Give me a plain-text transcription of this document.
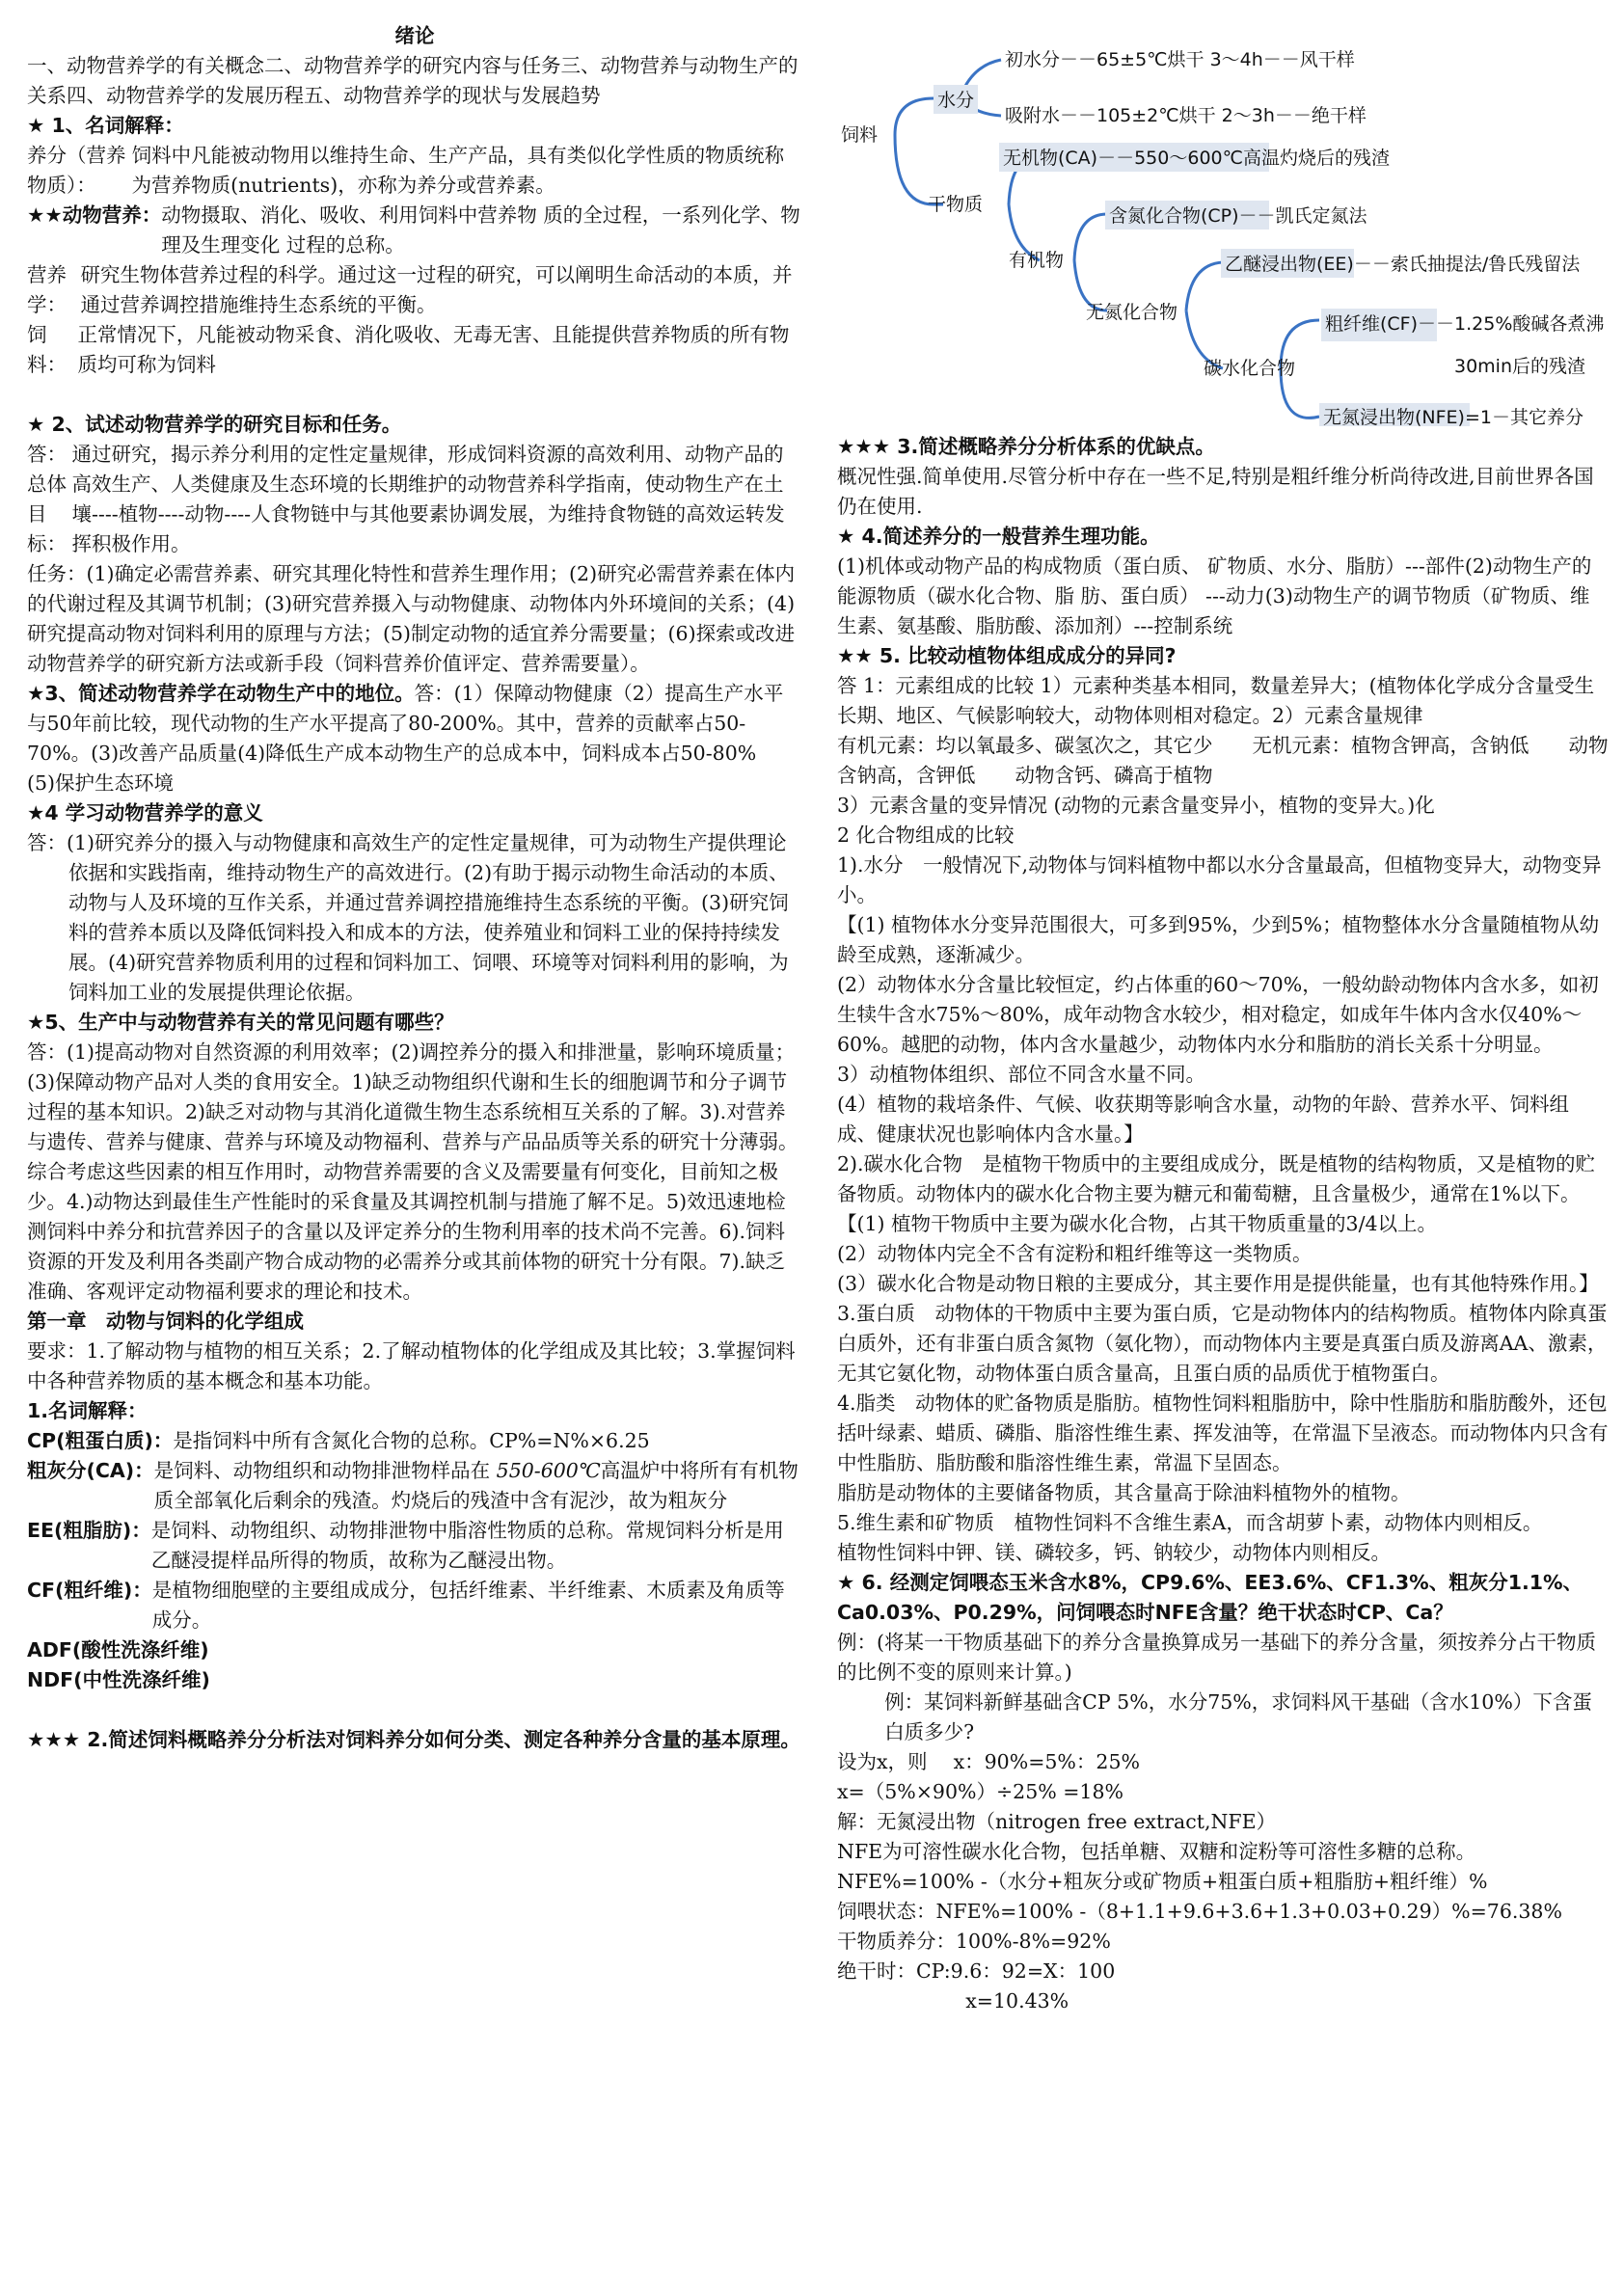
绪论

一、动物营养学的有关概念二、动物营养学的研究内容与任务三、动物营养与动物生产的关系四、动物营养学的发展历程五、动物营养学的现状与发展趋势

★ 1、名词解释：

养分（营养物质）：
饲料中凡能被动物用以维持生命、生产产品，具有类似化学性质的物质统称为营养物质(nutrients)，亦称为养分或营养素。
★★动物营养： 动物摄取、消化、吸收、利用饲料中营养物 质的全过程，一系列化学、物理及生理变化 过程的总称。
营养学：
研究生物体营养过程的科学。通过这一过程的研究，可以阐明生命活动的本质，并通过营养调控措施维持生态系统的平衡。
饲料：
正常情况下，凡能被动物采食、消化吸收、无毒无害、且能提供营养物质的所有物质均可称为饲料

★ 2、试述动物营养学的研究目标和任务。

答：总体目标：
通过研究，揭示养分利用的定性定量规律，形成饲料资源的高效利用、动物产品的高效生产、人类健康及生态环境的长期维护的动物营养科学指南，使动物生产在土壤----植物----动物----人食物链中与其他要素协调发展，为维持食物链的高效运转发挥积极作用。

任务：(1)确定必需营养素、研究其理化特性和营养生理作用；(2)研究必需营养素在体内的代谢过程及其调节机制；(3)研究营养摄入与动物健康、动物体内外环境间的关系；(4)研究提高动物对饲料利用的原理与方法；(5)制定动物的适宜养分需要量；(6)探索或改进动物营养学的研究新方法或新手段（饲料营养价值评定、营养需要量）。

★3、简述动物营养学在动物生产中的地位。答：(1）保障动物健康（2）提高生产水平与50年前比较，现代动物的生产水平提高了80-200%。其中，营养的贡献率占50-70%。(3)改善产品质量(4)降低生产成本动物生产的总成本中，饲料成本占50-80%　(5)保护生态环境

★4 学习动物营养学的意义

答：(1)研究养分的摄入与动物健康和高效生产的定性定量规律，可为动物生产提供理论依据和实践指南，维持动物生产的高效进行。(2)有助于揭示动物生命活动的本质、动物与人及环境的互作关系，并通过营养调控措施维持生态系统的平衡。(3)研究饲料的营养本质以及降低饲料投入和成本的方法，使养殖业和饲料工业的保持持续发展。(4)研究营养物质利用的过程和饲料加工、饲喂、环境等对饲料利用的影响，为饲料加工业的发展提供理论依据。

★5、生产中与动物营养有关的常见问题有哪些？

答：(1)提高动物对自然资源的利用效率；(2)调控养分的摄入和排泄量，影响环境质量；(3)保障动物产品对人类的食用安全。1)缺乏动物组织代谢和生长的细胞调节和分子调节过程的基本知识。2)缺乏对动物与其消化道微生物生态系统相互关系的了解。3).对营养与遗传、营养与健康、营养与环境及动物福利、营养与产品品质等关系的研究十分薄弱。综合考虑这些因素的相互作用时，动物营养需要的含义及需要量有何变化，目前知之极少。4.)动物达到最佳生产性能时的采食量及其调控机制与措施了解不足。5)效迅速地检测饲料中养分和抗营养因子的含量以及评定养分的生物利用率的技术尚不完善。6).饲料资源的开发及利用各类副产物合成动物的必需养分或其前体物的研究十分有限。7).缺乏准确、客观评定动物福利要求的理论和技术。

第一章　动物与饲料的化学组成

要求：1.了解动物与植物的相互关系；2.了解动植物体的化学组成及其比较；3.掌握饲料中各种营养物质的基本概念和基本功能。

1.名词解释：

CP(粗蛋白质)： 是指饲料中所有含氮化合物的总称。CP%=N%×6.25
粗灰分(CA)： 是饲料、动物组织和动物排泄物样品在 550-600℃高温炉中将所有有机物质全部氧化后剩余的残渣。灼烧后的残渣中含有泥沙，故为粗灰分
EE(粗脂肪)： 是饲料、动物组织、动物排泄物中脂溶性物质的总称。常规饲料分析是用乙醚浸提样品所得的物质，故称为乙醚浸出物。
CF(粗纤维)： 是植物细胞壁的主要组成成分，包括纤维素、半纤维素、木质素及角质等成分。

ADF(酸性洗涤纤维)

NDF(中性洗涤纤维)

★★★ 2.简述饲料概略养分分析法对饲料养分如何分类、测定各种养分含量的基本原理。

饲料
水分
初水分－－65±5℃烘干 3～4h－－风干样
吸附水－－105±2℃烘干 2～3h－－绝干样
干物质
无机物(CA)－－550～600℃高温灼烧后的残渣
有机物
含氮化合物(CP)－－凯氏定氮法
无氮化合物
乙醚浸出物(EE)－－索氏抽提法/鲁氏残留法
碳水化合物
粗纤维(CF)－－1.25%酸碱各煮沸
30min后的残渣
无氮浸出物(NFE)=1－其它养分

★★★ 3.简述概略养分分析体系的优缺点。

概况性强.简单使用.尽管分析中存在一些不足,特别是粗纤维分析尚待改进,目前世界各国仍在使用.

★ 4.简述养分的一般营养生理功能。

(1)机体或动物产品的构成物质（蛋白质、 矿物质、水分、脂肪）---部件(2)动物生产的能源物质（碳水化合物、脂 肪、蛋白质） ---动力(3)动物生产的调节物质（矿物质、维生素、氨基酸、脂肪酸、添加剂）---控制系统

★★ 5. 比较动植物体组成成分的异同?

答 1：元素组成的比较 1）元素种类基本相同，数量差异大；(植物体化学成分含量受生长期、地区、气候影响较大，动物体则相对稳定。2）元素含量规律

有机元素：均以氧最多、碳氢次之，其它少　　无机元素：植物含钾高，含钠低　　动物含钠高，含钾低　　动物含钙、磷高于植物

3）元素含量的变异情况 (动物的元素含量变异小，植物的变异大。)化

2 化合物组成的比较

1).水分　一般情况下,动物体与饲料植物中都以水分含量最高，但植物变异大，动物变异小。

【(1) 植物体水分变异范围很大，可多到95%，少到5%；植物整体水分含量随植物从幼龄至成熟，逐渐减少。

(2）动物体水分含量比较恒定，约占体重的60～70%，一般幼龄动物体内含水多，如初生犊牛含水75%～80%，成年动物含水较少，相对稳定，如成年牛体内含水仅40%～60%。越肥的动物，体内含水量越少，动物体内水分和脂肪的消长关系十分明显。

3）动植物体组织、部位不同含水量不同。

(4）植物的栽培条件、气候、收获期等影响含水量，动物的年龄、营养水平、饲料组成、健康状况也影响体内含水量。】

2).碳水化合物　是植物干物质中的主要组成成分，既是植物的结构物质，又是植物的贮备物质。动物体内的碳水化合物主要为糖元和葡萄糖，且含量极少，通常在1%以下。

【(1) 植物干物质中主要为碳水化合物，占其干物质重量的3/4以上。

(2）动物体内完全不含有淀粉和粗纤维等这一类物质。

(3）碳水化合物是动物日粮的主要成分，其主要作用是提供能量，也有其他特殊作用。】

3.蛋白质　动物体的干物质中主要为蛋白质，它是动物体内的结构物质。植物体内除真蛋白质外，还有非蛋白质含氮物（氨化物），而动物体内主要是真蛋白质及游离AA、激素，无其它氨化物，动物体蛋白质含量高，且蛋白质的品质优于植物蛋白。

4.脂类　动物体的贮备物质是脂肪。植物性饲料粗脂肪中，除中性脂肪和脂肪酸外，还包括叶绿素、蜡质、磷脂、脂溶性维生素、挥发油等，在常温下呈液态。而动物体内只含有中性脂肪、脂肪酸和脂溶性维生素，常温下呈固态。

脂肪是动物体的主要储备物质，其含量高于除油料植物外的植物。

5.维生素和矿物质　植物性饲料不含维生素A，而含胡萝卜素，动物体内则相反。

植物性饲料中钾、镁、磷较多，钙、钠较少，动物体内则相反。

★ 6. 经测定饲喂态玉米含水8%，CP9.6%、EE3.6%、CF1.3%、粗灰分1.1%、Ca0.03%、P0.29%，问饲喂态时NFE含量？绝干状态时CP、Ca？

例：(将某一干物质基础下的养分含量换算成另一基础下的养分含量，须按养分占干物质的比例不变的原则来计算。)

例：某饲料新鲜基础含CP 5%，水分75%，求饲料风干基础（含水10%）下含蛋白质多少?

设为x，则　 x：90%=5%：25%

x=（5%×90%）÷25% =18%

解：无氮浸出物（nitrogen free extract,NFE）

NFE为可溶性碳水化合物，包括单糖、双糖和淀粉等可溶性多糖的总称。

NFE%=100% -（水分+粗灰分或矿物质+粗蛋白质+粗脂肪+粗纤维）%

饲喂状态：NFE%=100% -（8+1.1+9.6+3.6+1.3+0.03+0.29）%=76.38%

干物质养分：100%-8%=92%

绝干时：CP:9.6：92=X：100

x=10.43%
